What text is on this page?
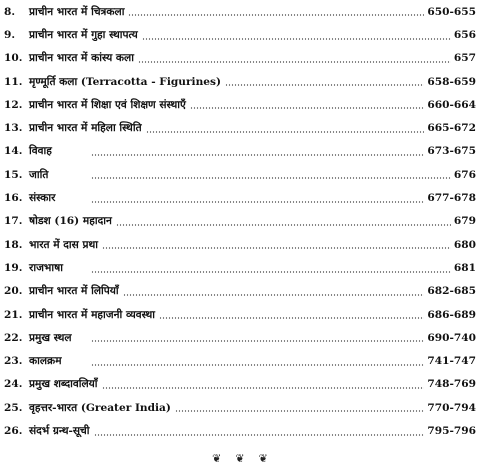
8.	प्राचीन भारत में चित्रकला	650-655
9.	प्राचीन भारत में गुहा स्थापत्य	656
10. प्राचीन भारत में कांस्य कला	657
11. मृण्मूर्ति कला (Terracotta - Figurines)	658-659
12. प्राचीन भारत में शिक्षा एवं शिक्षण संस्थाएँ	660-664
13. प्राचीन भारत में महिला स्थिति	665-672
14. विवाह	673-675
15. जाति	676
16. संस्कार	677-678
17. षोडश (16) महादान	679
18. भारत में दास प्रथा	680
19. राजभाषा	681
20. प्राचीन भारत में लिपियाँ	682-685
21. प्राचीन भारत में महाजनी व्यवस्था	686-689
22. प्रमुख स्थल	690-740
23. कालक्रम	741-747
24. प्रमुख शब्दावलियाँ	748-769
25. वृहत्तर-भारत (Greater India)	770-794
26. संदर्भ ग्रन्थ-सूची	795-796
❦ ❦ ❦
